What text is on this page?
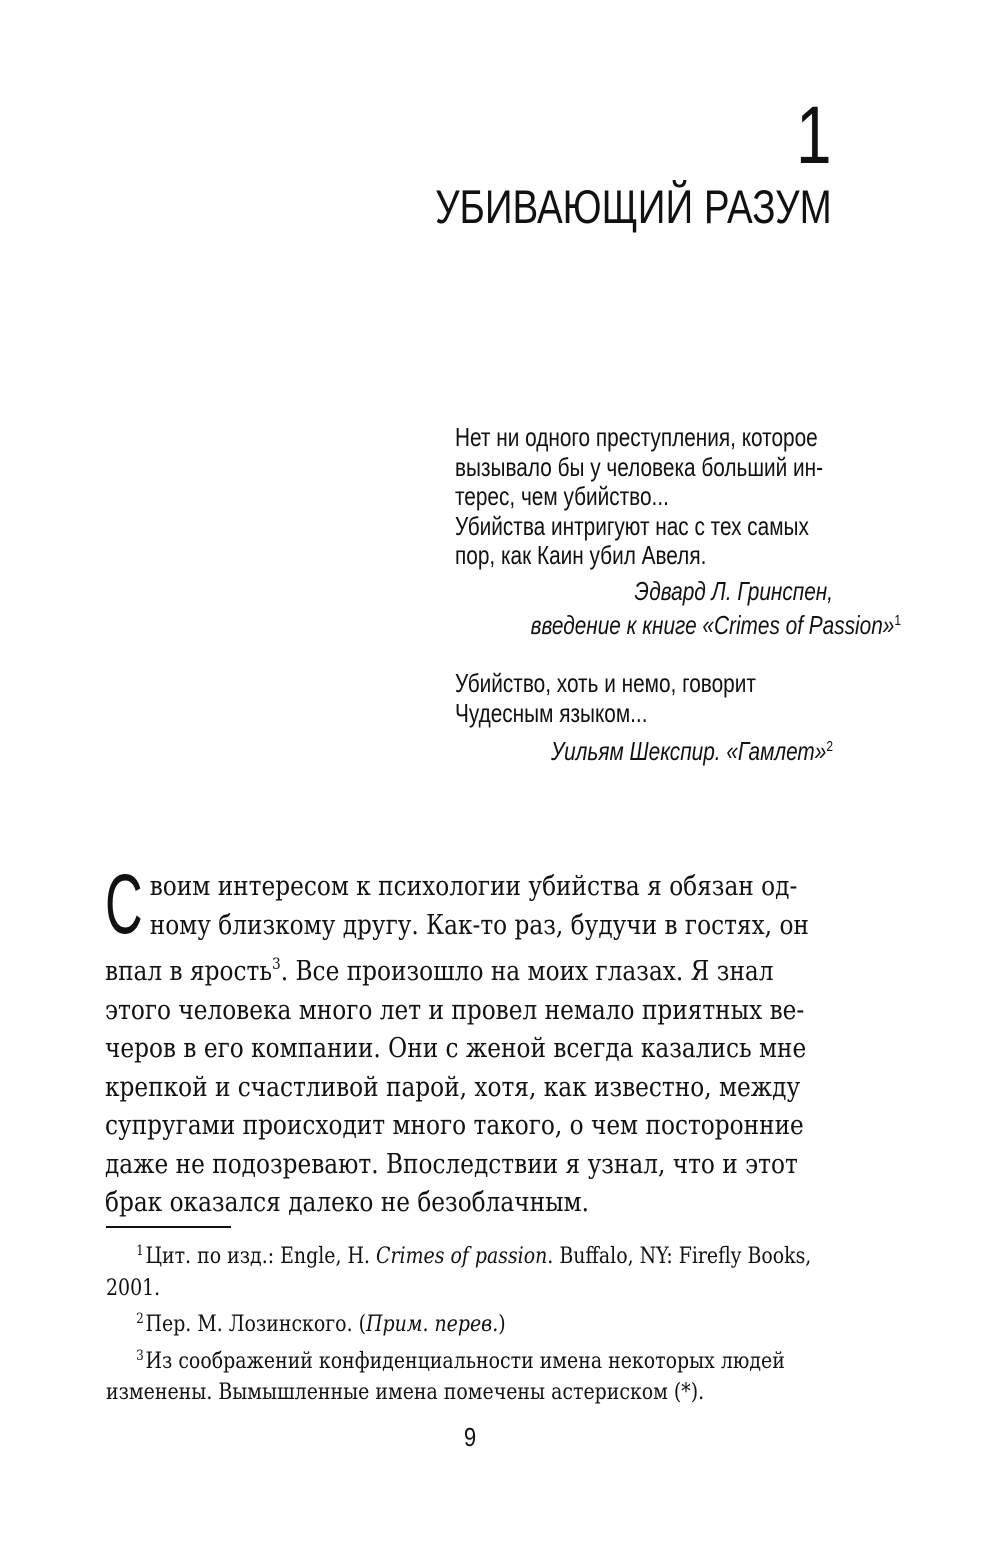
1
УБИВАЮЩИЙ РАЗУМ
Нет ни одного преступления, которое
вызывало бы у человека больший ин-
терес, чем убийство...
Убийства интригуют нас с тех самых
пор, как Каин убил Авеля.
Эдвард Л. Гринспен,
введение к книге «Crimes of Passion»$^1$
Убийство, хоть и немо, говорит
Чудесным языком...
Уильям Шекспир. «Гамлет»$^2$
С воим интересом к психологии убийства я обязан од-
ному близкому другу. Как-то раз, будучи в гостях, он
впал в ярость$^3$. Все произошло на моих глазах. Я знал
этого человека много лет и провел немало приятных ве-
черов в его компании. Они с женой всегда казались мне
крепкой и счастливой парой, хотя, как известно, между
супругами происходит много такого, о чем посторонние
даже не подозревают. Впоследствии я узнал, что и этот
брак оказался далеко не безоблачным.
$^1$Цит. по изд.: Engle, H. Crimes of passion. Buffalo, NY: Firefly Books,
2001.
$^2$Пер. М. Лозинского. (Прим. перев.)
$^3$Из соображений конфиденциальности имена некоторых людей
изменены. Вымышленные имена помечены астериском (*).
9
